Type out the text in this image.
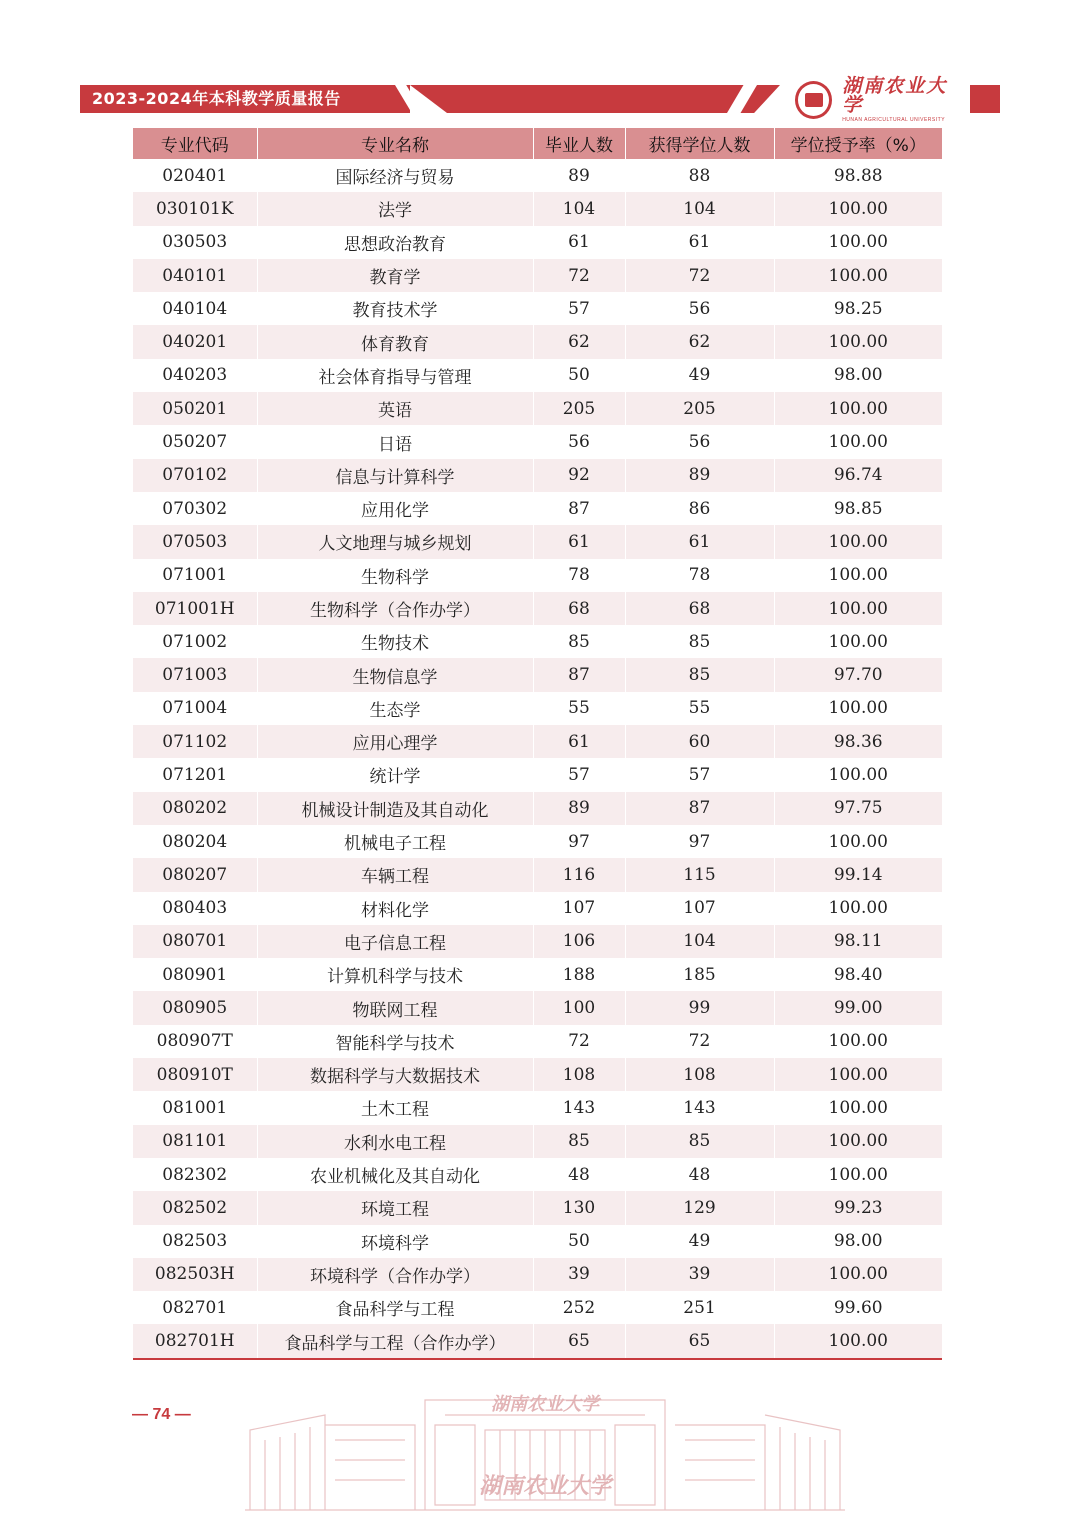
2023-2024年本科教学质量报告
湖南农业大学
HUNAN AGRICULTURAL UNIVERSITY
专业代码	专业名称	毕业人数	获得学位人数	学位授予率（%）
020401	国际经济与贸易	89	88	98.88
030101K	法学	104	104	100.00
030503	思想政治教育	61	61	100.00
040101	教育学	72	72	100.00
040104	教育技术学	57	56	98.25
040201	体育教育	62	62	100.00
040203	社会体育指导与管理	50	49	98.00
050201	英语	205	205	100.00
050207	日语	56	56	100.00
070102	信息与计算科学	92	89	96.74
070302	应用化学	87	86	98.85
070503	人文地理与城乡规划	61	61	100.00
071001	生物科学	78	78	100.00
071001H	生物科学（合作办学）	68	68	100.00
071002	生物技术	85	85	100.00
071003	生物信息学	87	85	97.70
071004	生态学	55	55	100.00
071102	应用心理学	61	60	98.36
071201	统计学	57	57	100.00
080202	机械设计制造及其自动化	89	87	97.75
080204	机械电子工程	97	97	100.00
080207	车辆工程	116	115	99.14
080403	材料化学	107	107	100.00
080701	电子信息工程	106	104	98.11
080901	计算机科学与技术	188	185	98.40
080905	物联网工程	100	99	99.00
080907T	智能科学与技术	72	72	100.00
080910T	数据科学与大数据技术	108	108	100.00
081001	土木工程	143	143	100.00
081101	水利水电工程	85	85	100.00
082302	农业机械化及其自动化	48	48	100.00
082502	环境工程	130	129	99.23
082503	环境科学	50	49	98.00
082503H	环境科学（合作办学）	39	39	100.00
082701	食品科学与工程	252	251	99.60
082701H	食品科学与工程（合作办学）	65	65	100.00
— 74 —	湖南农业大学
湖南农业大学
